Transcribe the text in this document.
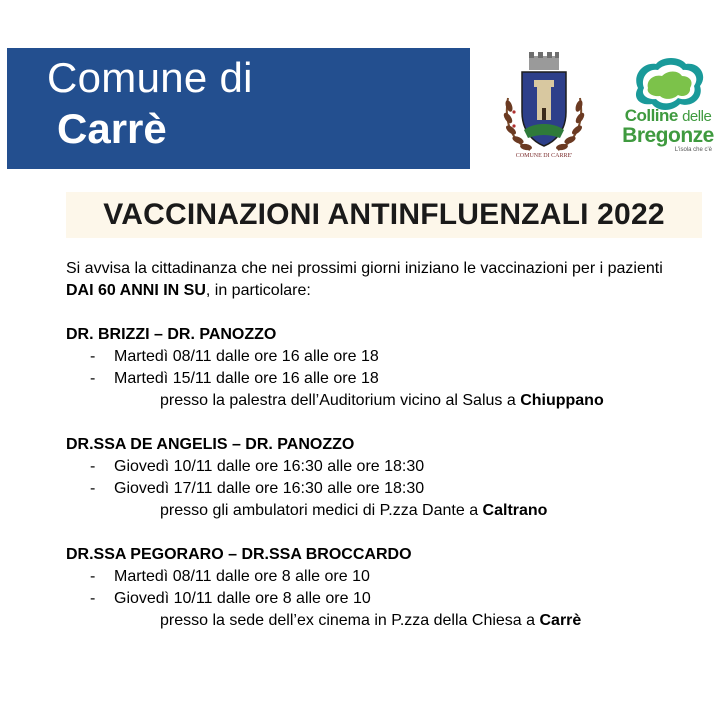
Comune di
Carrè
COMUNE DI CARRE'
Colline delle
Bregonze
L'isola che c'è
VACCINAZIONI ANTINFLUENZALI 2022

Si avvisa la cittadinanza che nei prossimi giorni iniziano le vaccinazioni per i pazienti
DAI 60 ANNI IN SU, in particolare:

DR. BRIZZI – DR. PANOZZO

- Martedì 08/11 dalle ore 16 alle ore 18
- Martedì 15/11 dalle ore 16 alle ore 18
presso la palestra dell’Auditorium vicino al Salus a Chiuppano

DR.SSA DE ANGELIS – DR. PANOZZO

- Giovedì 10/11 dalle ore 16:30 alle ore 18:30
- Giovedì 17/11 dalle ore 16:30 alle ore 18:30
presso gli ambulatori medici di P.zza Dante a Caltrano

DR.SSA PEGORARO – DR.SSA BROCCARDO

- Martedì 08/11 dalle ore 8 alle ore 10
- Giovedì 10/11 dalle ore 8 alle ore 10
presso la sede dell’ex cinema in P.zza della Chiesa a Carrè
